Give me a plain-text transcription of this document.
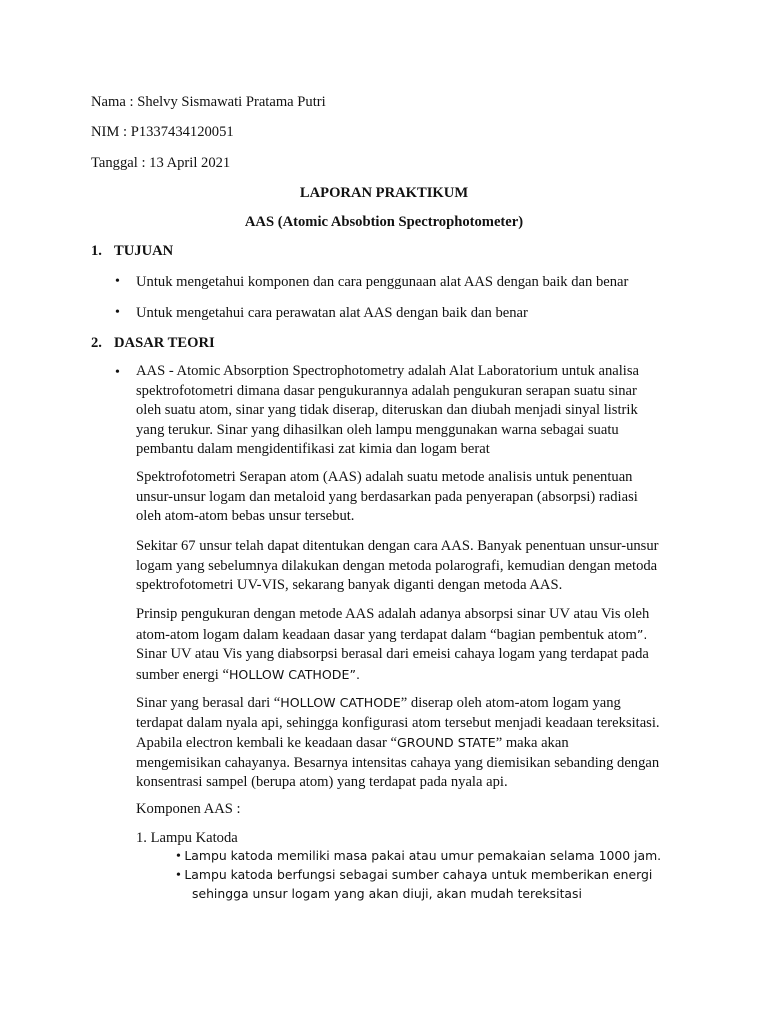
Nama : Shelvy Sismawati Pratama Putri
NIM : P1337434120051
Tanggal : 13 April 2021
LAPORAN PRAKTIKUM
AAS (Atomic Absobtion Spectrophotometer)
1. TUJUAN
• Untuk mengetahui komponen dan cara penggunaan alat AAS dengan baik dan benar
• Untuk mengetahui cara perawatan alat AAS dengan baik dan benar
2. DASAR TEORI
• AAS - Atomic Absorption Spectrophotometry adalah Alat Laboratorium untuk analisa
spektrofotometri dimana dasar pengukurannya adalah pengukuran serapan suatu sinar
oleh suatu atom, sinar yang tidak diserap, diteruskan dan diubah menjadi sinyal listrik
yang terukur. Sinar yang dihasilkan oleh lampu menggunakan warna sebagai suatu
pembantu dalam mengidentifikasi zat kimia dan logam berat
Spektrofotometri Serapan atom (AAS) adalah suatu metode analisis untuk penentuan
unsur-unsur logam dan metaloid yang berdasarkan pada penyerapan (absorpsi) radiasi
oleh atom-atom bebas unsur tersebut.
Sekitar 67 unsur telah dapat ditentukan dengan cara AAS. Banyak penentuan unsur-unsur
logam yang sebelumnya dilakukan dengan metoda polarografi, kemudian dengan metoda
spektrofotometri UV-VIS, sekarang banyak diganti dengan metoda AAS.
Prinsip pengukuran dengan metode AAS adalah adanya absorpsi sinar UV atau Vis oleh
atom-atom logam dalam keadaan dasar yang terdapat dalam “bagian pembentuk atom”.
Sinar UV atau Vis yang diabsorpsi berasal dari emeisi cahaya logam yang terdapat pada
sumber energi “HOLLOW CATHODE”.
Sinar yang berasal dari “HOLLOW CATHODE” diserap oleh atom-atom logam yang
terdapat dalam nyala api, sehingga konfigurasi atom tersebut menjadi keadaan tereksitasi.
Apabila electron kembali ke keadaan dasar “GROUND STATE” maka akan
mengemisikan cahayanya. Besarnya intensitas cahaya yang diemisikan sebanding dengan
konsentrasi sampel (berupa atom) yang terdapat pada nyala api.
Komponen AAS :
1. Lampu Katoda
• Lampu katoda memiliki masa pakai atau umur pemakaian selama 1000 jam.
• Lampu katoda berfungsi sebagai sumber cahaya untuk memberikan energi
sehingga unsur logam yang akan diuji, akan mudah tereksitasi
